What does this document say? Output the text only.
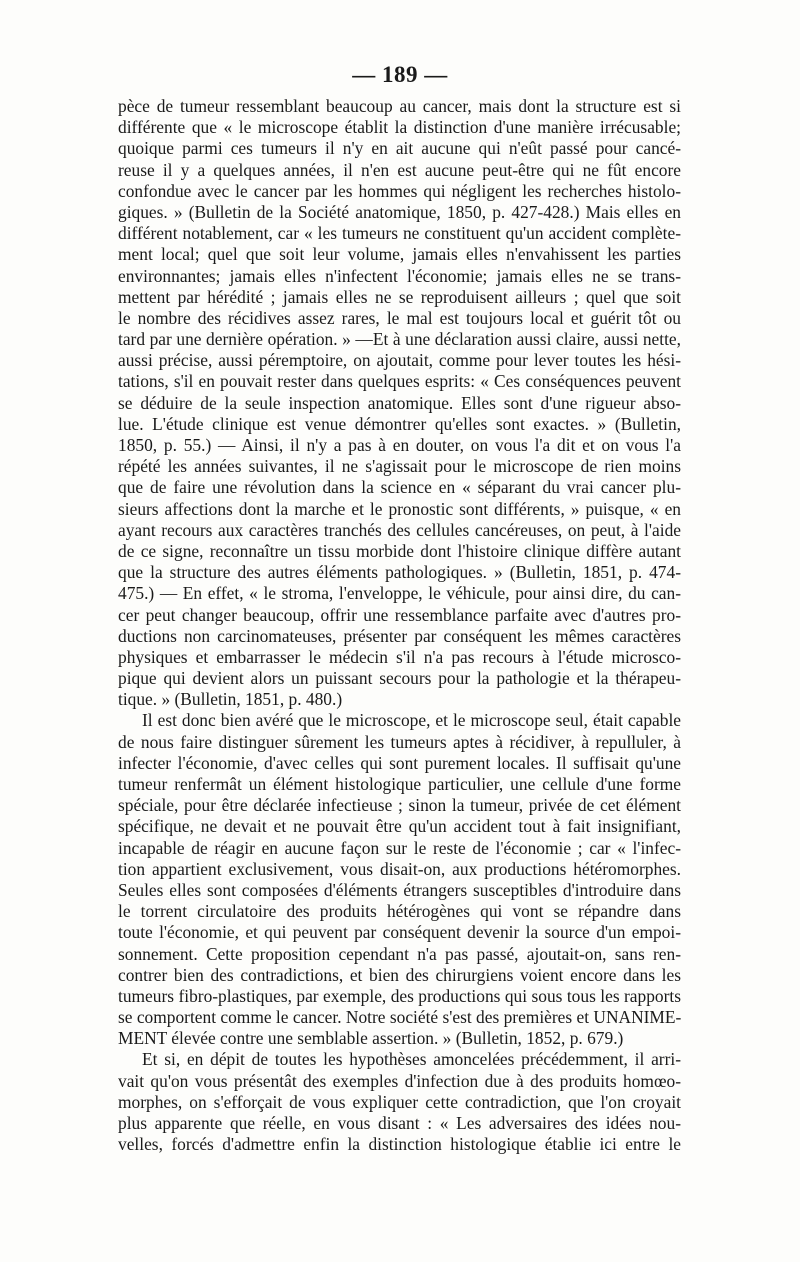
— 189 —
pèce de tumeur ressemblant beaucoup au cancer, mais dont la structure est si
différente que « le microscope établit la distinction d'une manière irrécusable;
quoique parmi ces tumeurs il n'y en ait aucune qui n'eût passé pour cancé-
reuse il y a quelques années, il n'en est aucune peut-être qui ne fût encore
confondue avec le cancer par les hommes qui négligent les recherches histolo-
giques. » (Bulletin de la Société anatomique, 1850, p. 427-428.) Mais elles en
différent notablement, car « les tumeurs ne constituent qu'un accident complète-
ment local; quel que soit leur volume, jamais elles n'envahissent les parties
environnantes; jamais elles n'infectent l'économie; jamais elles ne se trans-
mettent par hérédité ; jamais elles ne se reproduisent ailleurs ; quel que soit
le nombre des récidives assez rares, le mal est toujours local et guérit tôt ou
tard par une dernière opération. » —Et à une déclaration aussi claire, aussi nette,
aussi précise, aussi péremptoire, on ajoutait, comme pour lever toutes les hési-
tations, s'il en pouvait rester dans quelques esprits: « Ces conséquences peuvent
se déduire de la seule inspection anatomique. Elles sont d'une rigueur abso-
lue. L'étude clinique est venue démontrer qu'elles sont exactes. » (Bulletin,
1850, p. 55.) — Ainsi, il n'y a pas à en douter, on vous l'a dit et on vous l'a
répété les années suivantes, il ne s'agissait pour le microscope de rien moins
que de faire une révolution dans la science en « séparant du vrai cancer plu-
sieurs affections dont la marche et le pronostic sont différents, » puisque, « en
ayant recours aux caractères tranchés des cellules cancéreuses, on peut, à l'aide
de ce signe, reconnaître un tissu morbide dont l'histoire clinique diffère autant
que la structure des autres éléments pathologiques. » (Bulletin, 1851, p. 474-
475.) — En effet, « le stroma, l'enveloppe, le véhicule, pour ainsi dire, du can-
cer peut changer beaucoup, offrir une ressemblance parfaite avec d'autres pro-
ductions non carcinomateuses, présenter par conséquent les mêmes caractères
physiques et embarrasser le médecin s'il n'a pas recours à l'étude microsco-
pique qui devient alors un puissant secours pour la pathologie et la thérapeu-
tique. » (Bulletin, 1851, p. 480.)
Il est donc bien avéré que le microscope, et le microscope seul, était capable
de nous faire distinguer sûrement les tumeurs aptes à récidiver, à repulluler, à
infecter l'économie, d'avec celles qui sont purement locales. Il suffisait qu'une
tumeur renfermât un élément histologique particulier, une cellule d'une forme
spéciale, pour être déclarée infectieuse ; sinon la tumeur, privée de cet élément
spécifique, ne devait et ne pouvait être qu'un accident tout à fait insignifiant,
incapable de réagir en aucune façon sur le reste de l'économie ; car « l'infec-
tion appartient exclusivement, vous disait-on, aux productions hétéromorphes.
Seules elles sont composées d'éléments étrangers susceptibles d'introduire dans
le torrent circulatoire des produits hétérogènes qui vont se répandre dans
toute l'économie, et qui peuvent par conséquent devenir la source d'un empoi-
sonnement. Cette proposition cependant n'a pas passé, ajoutait-on, sans ren-
contrer bien des contradictions, et bien des chirurgiens voient encore dans les
tumeurs fibro-plastiques, par exemple, des productions qui sous tous les rapports
se comportent comme le cancer. Notre société s'est des premières et UNANIME-
MENT élevée contre une semblable assertion. » (Bulletin, 1852, p. 679.)
Et si, en dépit de toutes les hypothèses amoncelées précédemment, il arri-
vait qu'on vous présentât des exemples d'infection due à des produits homœo-
morphes, on s'efforçait de vous expliquer cette contradiction, que l'on croyait
plus apparente que réelle, en vous disant : « Les adversaires des idées nou-
velles, forcés d'admettre enfin la distinction histologique établie ici entre le
